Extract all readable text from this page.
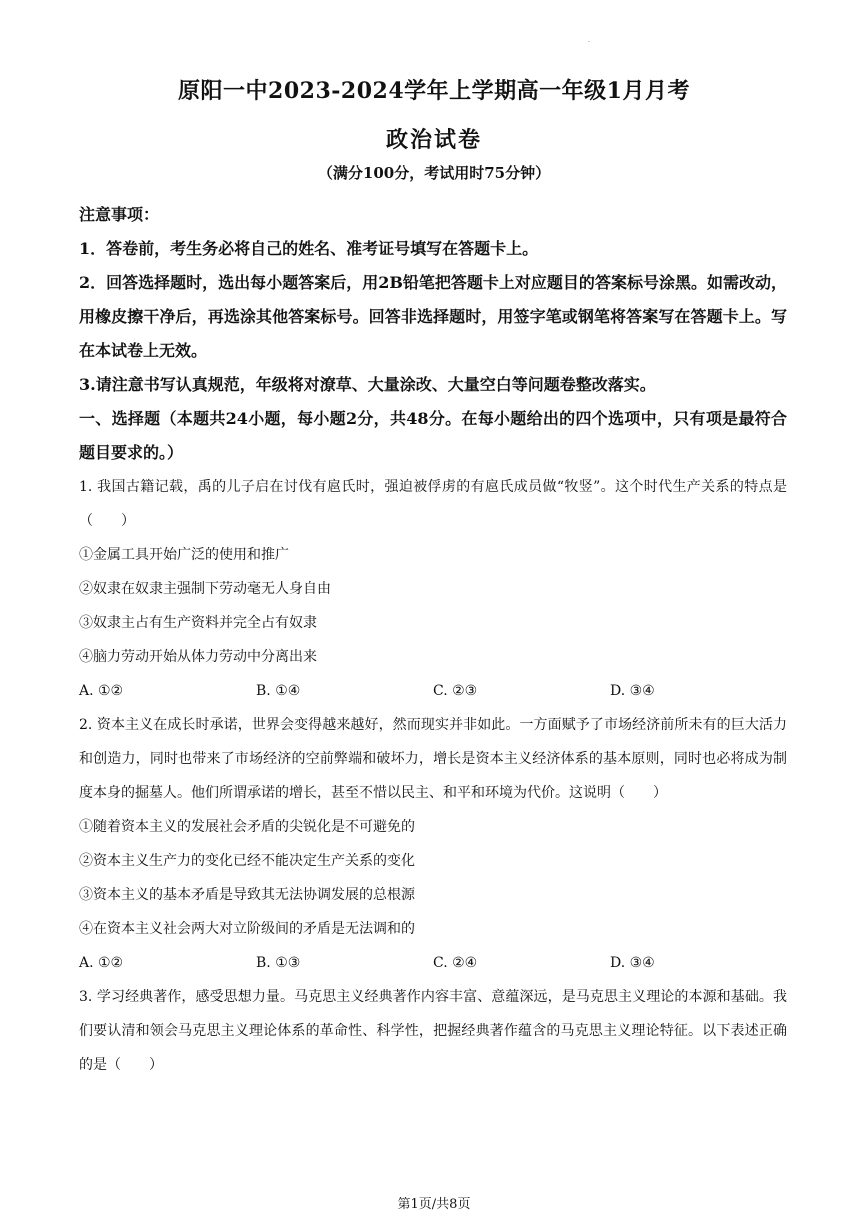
.
原阳一中2023-2024学年上学期高一年级1月月考
政治试卷
（满分100分，考试用时75分钟）

注意事项：

1．答卷前，考生务必将自己的姓名、准考证号填写在答题卡上。

2．回答选择题时，选出每小题答案后，用2B铅笔把答题卡上对应题目的答案标号涂黑。如需改动，用橡皮擦干净后，再选涂其他答案标号。回答非选择题时，用签字笔或钢笔将答案写在答题卡上。写在本试卷上无效。

3.请注意书写认真规范，年级将对潦草、大量涂改、大量空白等问题卷整改落实。

一、选择题（本题共24小题，每小题2分，共48分。在每小题给出的四个选项中，只有项是最符合题目要求的。）

1. 我国古籍记载，禹的儿子启在讨伐有扈氏时，强迫被俘虏的有扈氏成员做“牧竖”。这个时代生产关系的特点是（　　）

①金属工具开始广泛的使用和推广

②奴隶在奴隶主强制下劳动毫无人身自由

③奴隶主占有生产资料并完全占有奴隶

④脑力劳动开始从体力劳动中分离出来

A. ①②	B. ①④	C. ②③	D. ③④

2. 资本主义在成长时承诺，世界会变得越来越好，然而现实并非如此。一方面赋予了市场经济前所未有的巨大活力和创造力，同时也带来了市场经济的空前弊端和破坏力，增长是资本主义经济体系的基本原则，同时也必将成为制度本身的掘墓人。他们所谓承诺的增长，甚至不惜以民主、和平和环境为代价。这说明（　　）

①随着资本主义的发展社会矛盾的尖锐化是不可避免的

②资本主义生产力的变化已经不能决定生产关系的变化

③资本主义的基本矛盾是导致其无法协调发展的总根源

④在资本主义社会两大对立阶级间的矛盾是无法调和的

A. ①②	B. ①③	C. ②④	D. ③④

3. 学习经典著作，感受思想力量。马克思主义经典著作内容丰富、意蕴深远，是马克思主义理论的本源和基础。我们要认清和领会马克思主义理论体系的革命性、科学性，把握经典著作蕴含的马克思主义理论特征。以下表述正确的是（　　）

第1页/共8页
